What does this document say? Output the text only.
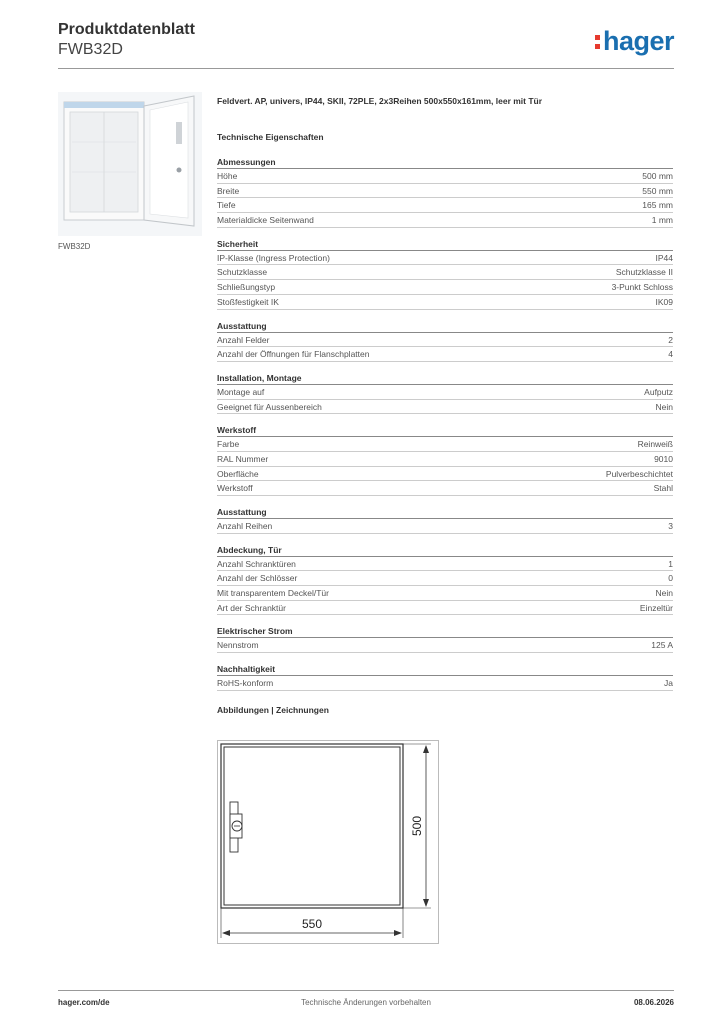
Produktdatenblatt
FWB32D	hager
FWB32D
Feldvert. AP, univers, IP44, SKII, 72PLE, 2x3Reihen 500x550x161mm, leer mit Tür
Technische Eigenschaften
Abmessungen
Höhe	500 mm
Breite	550 mm
Tiefe	165 mm
Materialdicke Seitenwand	1 mm
Sicherheit
IP-Klasse (Ingress Protection)	IP44
Schutzklasse	Schutzklasse II
Schließungstyp	3-Punkt Schloss
Stoßfestigkeit IK	IK09
Ausstattung
Anzahl Felder	2
Anzahl der Öffnungen für Flanschplatten	4
Installation, Montage
Montage auf	Aufputz
Geeignet für Aussenbereich	Nein
Werkstoff
Farbe	Reinweiß
RAL Nummer	9010
Oberfläche	Pulverbeschichtet
Werkstoff	Stahl
Ausstattung
Anzahl Reihen	3
Abdeckung, Tür
Anzahl Schranktüren	1
Anzahl der Schlösser	0
Mit transparentem Deckel/Tür	Nein
Art der Schranktür	Einzeltür
Elektrischer Strom
Nennstrom	125 A
Nachhaltigkeit
RoHS-konform	Ja
Abbildungen | Zeichnungen
550
500
hager.com/de	Technische Änderungen vorbehalten	08.06.2026
